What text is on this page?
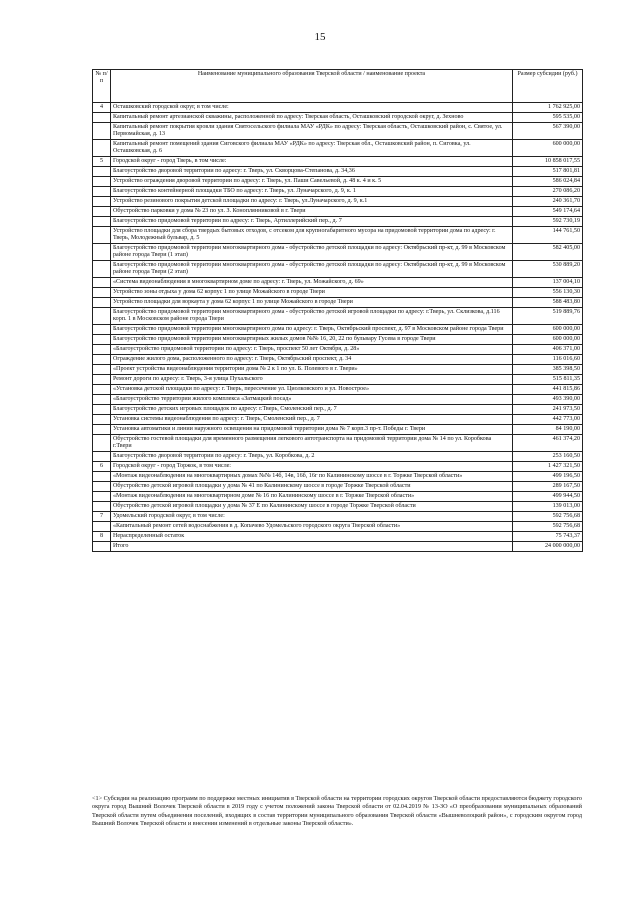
15
№ п/п	Наименование муниципального образования Тверской области / наименование проекта	Размер субсидии (руб.)
4	Осташковский городской округ, в том числе:	1 762 925,00
	Капитальный ремонт артезианской скважины, расположенной по адресу: Тверская область, Осташковский городской округ, д. Зехново	595 535,00
	Капитальный ремонт покрытия кровли здания Святосельского филиала МАУ «РДК» по адресу: Тверская область, Осташковский район, с. Святое, ул. Первомайская, д. 13	567 390,00
	Капитальный ремонт помещений здания Сиговского филиала МАУ «РДК» по адресу: Тверская обл., Осташковский район, п. Сиговка, ул. Осташковская, д. 6	600 000,00
5	Городской округ - город Тверь, в том числе:	10 858 017,55
	Благоустройство дворовой территории по адресу: г. Тверь, ул. Скворцова-Степанова, д. 34,36	517 801,81
	Устройство ограждения дворовой территории по адресу: г. Тверь, ул. Паши Савельевой, д. 48 к. 4 и к. 5	586 024,84
	Благоустройство контейнерной площадки ТБО по адресу: г. Тверь, ул. Луначарского, д. 9, к. 1	270 086,20
	Устройство резинового покрытия детской площадки по адресу: г. Тверь, ул.Луначарского, д. 9, к.1	240 361,70
	Обустройство парковки у дома № 23 по ул. З. Коноплянниковой в г. Твери	549 174,64
	Благоустройство придомовой территории по адресу: г. Тверь, Артиллерийский пер., д. 7	592 730,19
	Устройство площадки для сбора твердых бытовых отходов, с отсеком для крупногабаритного мусора на придомовой территории дома по адресу: г. Тверь, Молодежный бульвар, д. 5	144 761,50
	Благоустройство придомовой территории многоквартирного дома - обустройство детской площадки по адресу: Октябрьский пр-кт, д. 99 в Московском районе города Твери (1 этап)	582 405,00
	Благоустройство придомовой территории многоквартирного дома - обустройство детской площадки по адресу: Октябрьский пр-кт, д. 99 в Московском районе города Твери (2 этап)	530 889,20
	«Система видеонаблюдения в многоквартирном доме по адресу: г. Тверь, ул. Можайского, д. 69»	137 004,10
	Устройство зоны отдыха у дома 62 корпус 1 по улице Можайского в городе Твери	556 130,30
	Устройство площадки для воркаута у дома 62 корпус 1 по улице Можайского в городе Твери	588 483,80
	Благоустройство придомовой территории многоквартирного дома - обустройство детской игровой площадки по адресу: г.Тверь, ул. Склизкова, д.116 корп. 1 в Московском районе города Твери	519 889,76
	Благоустройство придомовой территории многоквартирного дома по адресу: г. Тверь, Октябрьский проспект, д. 97 в Московском районе города Твери	600 000,00
	Благоустройство придомовой территории многоквартирных жилых домов №№ 16, 20, 22 по бульвару Гусева в городе Твери	600 000,00
	«Благоустройство придомовой территории по адресу: г. Тверь, проспект 50 лет Октября, д. 28»	406 371,00
	Ограждение жилого дома, расположенного по адресу: г. Тверь, Октябрьский проспект, д. 34	116 016,60
	«Проект устройства видеонаблюдения территории дома № 2 к 1 по ул. Б. Полевого в г. Твери»	385 398,50
	Ремонт дороги по адресу: г. Тверь, 3-я улица Пухальского	515 811,35
	«Установка детской площадки по адресу: г. Тверь, пересечение ул. Циолковского и ул. Новострое»	441 815,86
	«Благоустройство территории жилого комплекса «Затмацкий посад»	493 390,00
	Благоустройство детских игровых площадок по адресу: г.Тверь, Смоленский пер., д. 7	241 973,50
	Установка системы видеонаблюдения по адресу: г. Тверь, Смоленский пер., д. 7	442 773,00
	Установка автоматики и линии наружного освещения на придомовой территории дома № 7 корп.3 пр-т. Победы г. Твери	84 190,00
	Обустройство гостевой площадки для временного размещения легкового автотранспорта на придомовой территории дома № 14 по ул. Коробкова г.Твери	461 374,20
	Благоустройство дворовой территории по адресу: г. Тверь, ул. Коробкова, д. 2	253 160,50
6	Городской округ - город Торжок, в том числе:	1 427 321,50
	«Монтаж видеонаблюдения на многоквартирных домах №№ 14б, 14в, 16б, 16г по Калининскому шоссе в г. Торжке Тверской области»	499 196,50
	Обустройство детской игровой площадки у дома № 41 по Калининскому шоссе в городе Торжке Тверской области	289 167,50
	«Монтаж видеонаблюдения на многоквартирном доме № 16 по Калининскому шоссе в г. Торжке Тверской области»	499 944,50
	Обустройство детской игровой площадки у дома № 37 Е по Калининскому шоссе в городе Торжке Тверской области	139 013,00
7	Удомельский городской округ, в том числе:	592 756,68
	«Капитальный ремонт сетей водоснабжения в д. Копачево Удомельского городского округа Тверской области»	592 756,68
8	Нераспределенный остаток	75 743,37
	Итого	24 000 000,00

<1> Субсидии на реализацию программ по поддержке местных инициатив в Тверской области на территории городских округов Тверской области предоставляются бюджету городского округа город Вышний Волочек Тверской области в 2019 году с учетом положений закона Тверской области от 02.04.2019 № 13-ЗО «О преобразовании муниципальных образований Тверской области путем объединения поселений, входящих в состав территории муниципального образования Тверской области «Вышневолоцкий район», с городским округом город Вышний Волочек Тверской области и внесении изменений в отдельные законы Тверской области».
